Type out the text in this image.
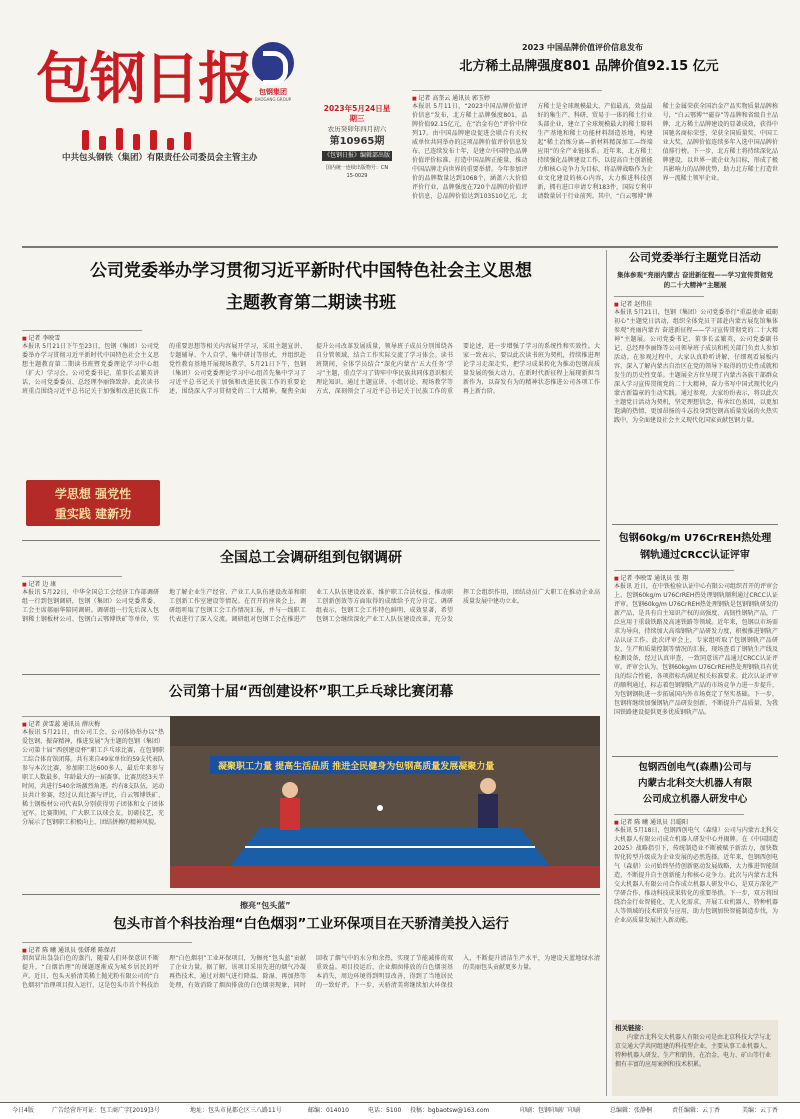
包钢日报
中共包头钢铁（集团）有限责任公司委员会主管主办
包钢集团
BAOGANG GROUP
2023年5月24日星期三
农历癸卯年四月初六
第10965期
《包钢日报》编辑部出版
国内统一连续出版物号：CN 15-0029
2023 中国品牌价值评价信息发布
北方稀土品牌强度801 品牌价值92.15 亿元
■ 记者 高奎云 通讯员 郭玉婷
本报讯 5月11日，“2023中国品牌价值评价信息”发布，北方稀土品牌强度801，品牌价值92.15亿元，在“冶金有色”评价中位列17。由中国品牌建设促进会联合有关权威单位共同举办的这项品牌价值评价信息发布，已连续发布十年，是建立中国特色品牌价值评价标准、打造中国品牌正能量，推动中国品牌走向世界的重要举措。今年参加评价的品牌数量达到1068个，涵盖六大价值评价行业，品牌强度在720个品牌的价值评价信息，总品牌价值达到103510亿元。北方稀土是全球规模最大、产值最高、效益最好的集生产、科研、贸易于一体的稀土行业头部企业，建立了全球规模最大的稀土原料生产基地和稀土功能材料制造基地，构建起“稀土冶炼分离—新材料精深加工—终端应用”的全产业链体系。近年来，北方稀土持续强化品牌建设工作，以提高自主创新能力和核心竞争力为目标，将品牌战略作为企业文化建设的核心内容，大力推进科技创新，拥有进口申请专利183件，国际专利申请数量居于行业前列。其中，“白云鄂博”牌稀土金属荣获全国冶金产品实物质量品牌称号，“白云鄂博”“磁谷”等品牌和省级自主品牌，北方稀土品牌建设的显著成效，获得中国驰名商标荣誉，荣获全国质量奖、中国工业大奖，品牌价值连续多年入选中国品牌价值排行榜。下一步，北方稀土将持续深化品牌建设，以世界一流企业为目标，形成了极具影响力的品牌优势，助力北方稀土打造世界一流稀土领军企业。
公司党委举办学习贯彻习近平新时代中国特色社会主义思想
主题教育第二期读书班
■ 记者 李映雪
本报讯 5月21日下午至23日，包钢（集团）公司党委举办学习贯彻习近平新时代中国特色社会主义思想主题教育第二期读书班暨党委理论学习中心组（扩大）学习会。公司党委书记、董事长孟繁英讲话，公司党委委员、总经理李丽锋致辞。此次读书班重点围绕习近平总书记关于加强和改进民族工作的重要思想等相关内容展开学习，采用主题宣讲、专题辅导、个人自学、集中研讨等形式，并组织赴党性教育基地开展现场教学。5月21日下午，包钢（集团）公司党委理论学习中心组首先集中学习了习近平总书记关于加强和改进民族工作的重要论述，围绕深入学习贯彻党的二十大精神，聚焦全面提升公司改革发展质量，领导班子成员分别围绕各自分管领域，结合工作实际交流了学习体会。读书班期间，全体学员结合“深化内蒙古‘五大任务’学习”主题，重点学习了铸牢中华民族共同体意识相关理论知识，通过主题宣讲、小组讨论、现场教学等方式，深刻领会了习近平总书记关于民族工作的重要论述，进一步增强了学习的系统性和实效性。大家一致表示，要以此次读书班为契机，持续推进理论学习走深走实，把学习成果转化为推动包钢高质量发展的强大动力，在新时代新征程上展现新担当新作为，以奋发有为的精神状态推进公司各项工作再上新台阶。
学思想 强党性
重实践 建新功
全国总工会调研组到包钢调研
■ 记者 边 康
本报讯 5月22日，中华全国总工会经济工作部调研组一行到包钢调研，包钢（集团）公司党委常委、工会主席郝丽华陪同调研。调研组一行先后深入包钢稀土钢板材公司、包钢白云鄂博铁矿等单位，实地了解企业生产经营、产业工人队伍建设改革和职工创新工作室建设等情况。在召开的座谈会上，调研组听取了包钢工会工作情况汇报，并与一线职工代表进行了深入交流。调研组对包钢工会在推进产业工人队伍建设改革、维护职工合法权益、推动职工创新创效等方面取得的成绩给予充分肯定。调研组表示，包钢工会工作特色鲜明、成效显著，希望包钢工会继续深化产业工人队伍建设改革，充分发挥工会组织作用，团结动员广大职工在推动企业高质量发展中建功立业。
公司第十届“西创建设杯”职工乒乓球比赛闭幕
■ 记者 黄雪蕊 通讯员 薛庆梅
本报讯 5月21日，由公司工会、公司体协举办以“热爱包钢，振奋精神，推进发展”为主题的包钢（集团）公司第十届“西创建设杯”职工乒乓球比赛，在包钢职工综合体育馆闭幕。共有来自49家单位的59支代表队参与本次比赛，参加职工达600多人，最后年来参与职工人数最多、年龄最大的一届赛事。比赛历经3天半时间，共进行540余场激烈角逐。约有8支队伍，运动员共计参赛，经过认真比赛与评比，白云鄂博铁矿、稀土钢板材公司代表队分别获得男子团体和女子团体冠军。比赛期间，广大职工以球会友、切磋技艺，充分展示了包钢职工积极向上、团结拼搏的精神风貌。
凝聚职工力量 提高生活品质 推进全民健身为包钢高质量发展凝聚力量
公司党委举行主题党日活动
集体参观“亮丽内蒙古 奋进新征程——学习宣传贯彻党的二十大精神”主题展
■ 记者 赵伟佳
本报讯 5月21日，包钢（集团）公司党委举行“重温使命 砥砺初心”主题党日活动，组织全体党员干部赴内蒙古展览馆集体参观“亮丽内蒙古 奋进新征程——学习宣传贯彻党的二十大精神”主题展。公司党委书记、董事长孟繁英，公司党委副书记、总经理李丽锋等公司领导班子成员和机关部门负责人参加活动。在参观过程中，大家认真聆听讲解，仔细观看展板内容，深入了解内蒙古自治区在党的领导下取得的历史性成就和发生的历史性变革。主题展全方位呈现了内蒙古各族干部群众深入学习宣传贯彻党的二十大精神，奋力书写中国式现代化内蒙古新篇章的生动实践。通过参观，大家纷纷表示，将以此次主题党日活动为契机，坚定理想信念，传承红色基因，以更加饱满的热情、更加昂扬的斗志投身到包钢高质量发展的火热实践中，为全面建设社会主义现代化国家贡献包钢力量。
包钢60kg/m U76CrREH热处理
钢轨通过CRCC认证评审
■ 记者 李映雪 通讯员 张 翔
本报讯 近日，在中铁检验认证中心有限公司组织召开的评审会上，包钢60kg/m U76CrREH热处理钢轨顺利通过CRCC认证评审。包钢60kg/m U76CrREH热处理钢轨是包钢钢轨研发的新产品，是具有自主知识产权的高强度、高韧性钢轨产品，广泛应用于重载铁路及高速铁路等领域。近年来，包钢以市场需求为导向，持续加大高端钢轨产品研发力度，积极推进钢轨产品认证工作。此次评审会上，专家组听取了包钢钢轨产品研发、生产和质量控制等情况的汇报，现场查看了钢轨生产线及检测设备，经过认真审查，一致同意该产品通过CRCC认证评审。评审会认为，包钢60kg/m U76CrREH热处理钢轨具有优良的综合性能，各项指标均满足相关标准要求。此次认证评审的顺利通过，标志着包钢钢轨产品的市场竞争力进一步提升，为包钢钢轨进一步拓展国内外市场奠定了坚实基础。下一步，包钢将继续加强钢轨产品研发创新，不断提升产品质量，为我国铁路建设提供更多优质钢轨产品。
包钢西创电气(森鼎)公司与
内蒙古北科交大机器人有限
公司成立机器人研发中心
■ 记者 陈 曦 通讯员 吕聪阳
本报讯 5月18日，包钢西创电气（森鼎）公司与内蒙古北科交大机器人有限公司成立机器人研发中心并揭牌。在《中国制造2025》战略指引下，传统制造业不断被赋予新活力，加快数智化转型升级成为企业发展的必然选择。近年来，包钢西创电气（森鼎）公司始终坚持创新驱动发展战略，大力推进智能制造，不断提升自主创新能力和核心竞争力。此次与内蒙古北科交大机器人有限公司合作成立机器人研发中心，是双方深化产学研合作、推动科技成果转化的重要举措。下一步，双方将围绕冶金行业智能化、无人化需求，开展工业机器人、特种机器人等领域的技术研发与应用，助力包钢加快智能制造步伐，为企业高质量发展注入新动能。
相关链接：
内蒙古北科交大机器人有限公司是由北京科技大学与北京交通大学共同组建的科技型企业，主要从事工业机器人、特种机器人研发、生产和销售，在冶金、电力、矿山等行业拥有丰富的应用案例和技术积累。
擦亮“包头蓝”
包头市首个科技治理“白色烟羽”工业环保项目在天骄清美投入运行
■ 记者 陈 曦 通讯员 张妍瑾 陈保君
烟囱冒出袅袅白色的蒸汽，随着人们环保意识不断提升，“白烟治理”的课题逐渐成为城乡居民的呼声。近日，包头天骄清美稀土抛光粉有限公司的“白色烟羽”治理项目投入运行，这是包头市首个科技治理“白色烟羽”工业环保项目，为擦亮“包头蓝”贡献了企业力量。据了解，该项目采用先进的烟气冷凝再热技术，通过对烟气进行降温、除湿、再加热等处理，有效消除了烟囱排放的白色烟羽现象，同时回收了烟气中的水分和余热，实现了节能减排的双重效益。项目投运后，企业烟囱排放的白色烟羽基本消失，周边环境得到明显改善，得到了当地居民的一致好评。下一步，天骄清美将继续加大环保投入，不断提升清洁生产水平，为建设天蓝地绿水清的美丽包头贡献更多力量。
今日4版	广告经营许可证：包工商广字[2019]3号	地址：包头市昆都仑区三八路11号	邮编：014010	电话：5100 投稿：bgbaotsw@163.com	印刷：包钢印刷厂印刷	总编辑：张静桐	责任编辑：云丁香	美编：云丁香
